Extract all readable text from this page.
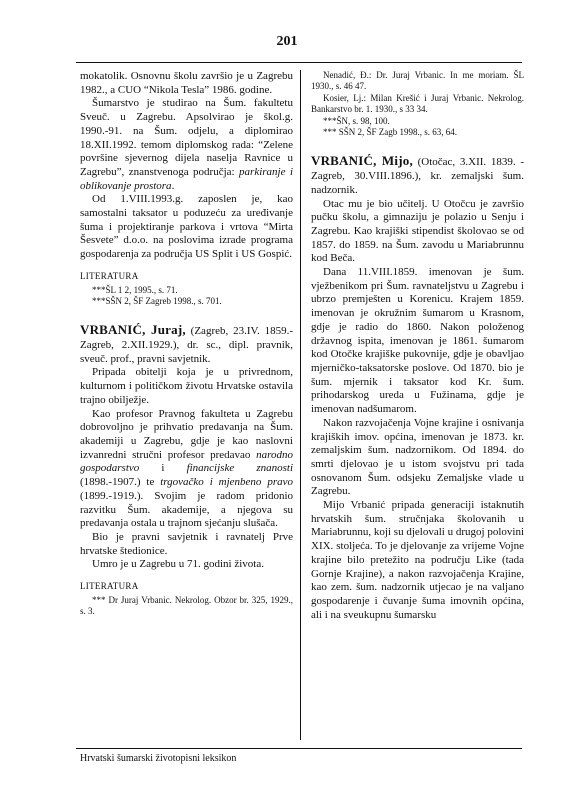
201

mokatolik. Osnovnu školu završio je u Zagrebu 1982., a CUO “Nikola Tesla” 1986. godine.

Šumarstvo je studirao na Šum. fakultetu Sveuč. u Zagrebu. Apsolvirao je škol.g. 1990.-91. na Šum. odjelu, a diplomirao 18.XII.1992. temom diplomskog rada: “Zelene površine sjevernog dijela naselja Ravnice u Zagrebu”, znanstvenoga područja: parkiranje i oblikovanje prostora.

Od 1.VIII.1993.g. zaposlen je, kao samostalni taksator u poduzeću za uređivanje šuma i projektiranje parkova i vrtova “Mirta Šesvete” d.o.o. na poslovima izrade programa gospodarenja za područja US Split i US Gospić.

LITERATURA

***ŠL 1 2, 1995., s. 71.

***SŠN 2, ŠF Zagreb 1998., s. 701.

VRBANIĆ, Juraj, (Zagreb, 23.IV. 1859.- Zagreb, 2.XII.1929.), dr. sc., dipl. pravnik, sveuč. prof., pravni savjetnik.

Pripada obitelji koja je u privrednom, kulturnom i političkom životu Hrvatske ostavila trajno obilježje.

Kao profesor Pravnog fakulteta u Zagrebu dobrovoljno je prihvatio predavanja na Šum. akademiji u Zagrebu, gdje je kao naslovni izvanredni stručni profesor predavao narodno gospodarstvo i financijske znanosti (1898.-1907.) te trgovačko i mjenbeno pravo (1899.-1919.). Svojim je radom pridonio razvitku Šum. akademije, a njegova su predavanja ostala u trajnom sjećanju slušača.

Bio je pravni savjetnik i ravnatelj Prve hrvatske štedionice.

Umro je u Zagrebu u 71. godini života.

LITERATURA

*** Dr Juraj Vrbanic. Nekrolog. Obzor br. 325, 1929., s. 3.

Nenadić, Đ.: Dr. Juraj Vrbanic. In me moriam. ŠL 1930., s. 46 47.

Kosier, Lj.: Milan Krešić i Juraj Vrbanic. Nekrolog. Bankarstvo br. 1. 1930., s 33 34.

***ŠN, s. 98, 100.

*** SŠN 2, ŠF Zagb 1998., s. 63, 64.

VRBANIĆ, Mijo, (Otočac, 3.XII. 1839. - Zagreb, 30.VIII.1896.), kr. zemaljski šum. nadzornik.

Otac mu je bio učitelj. U Otočcu je završio pučku školu, a gimnaziju je polazio u Senju i Zagrebu. Kao krajiški stipendist školovao se od 1857. do 1859. na Šum. zavodu u Mariabrunnu kod Beča.

Dana 11.VIII.1859. imenovan je šum. vježbenikom pri Šum. ravnateljstvu u Zagrebu i ubrzo premješten u Korenicu. Krajem 1859. imenovan je okružnim šumarom u Krasnom, gdje je radio do 1860. Nakon položenog državnog ispita, imenovan je 1861. šumarom kod Otočke krajiške pukovnije, gdje je obavljao mjerničko-taksatorske poslove. Od 1870. bio je šum. mjernik i taksator kod Kr. šum. prihodarskog ureda u Fužinama, gdje je imenovan nadšumarom.

Nakon razvojačenja Vojne krajine i osnivanja krajiških imov. općina, imenovan je 1873. kr. zemaljskim šum. nadzornikom. Od 1894. do smrti djelovao je u istom svojstvu pri tada osnovanom Šum. odsjeku Zemaljske vlade u Zagrebu.

Mijo Vrbanić pripada generaciji istaknutih hrvatskih šum. stručnjaka školovanih u Mariabrunnu, koji su djelovali u drugoj polovini XIX. stoljeća. To je djelovanje za vrijeme Vojne krajine bilo pretežito na području Like (tada Gornje Krajine), a nakon razvojačenja Krajine, kao zem. šum. nadzornik utjecao je na valjano gospodarenje i čuvanje šuma imovnih općina, ali i na sveukupnu šumarsku

Hrvatski šumarski životopisni leksikon
